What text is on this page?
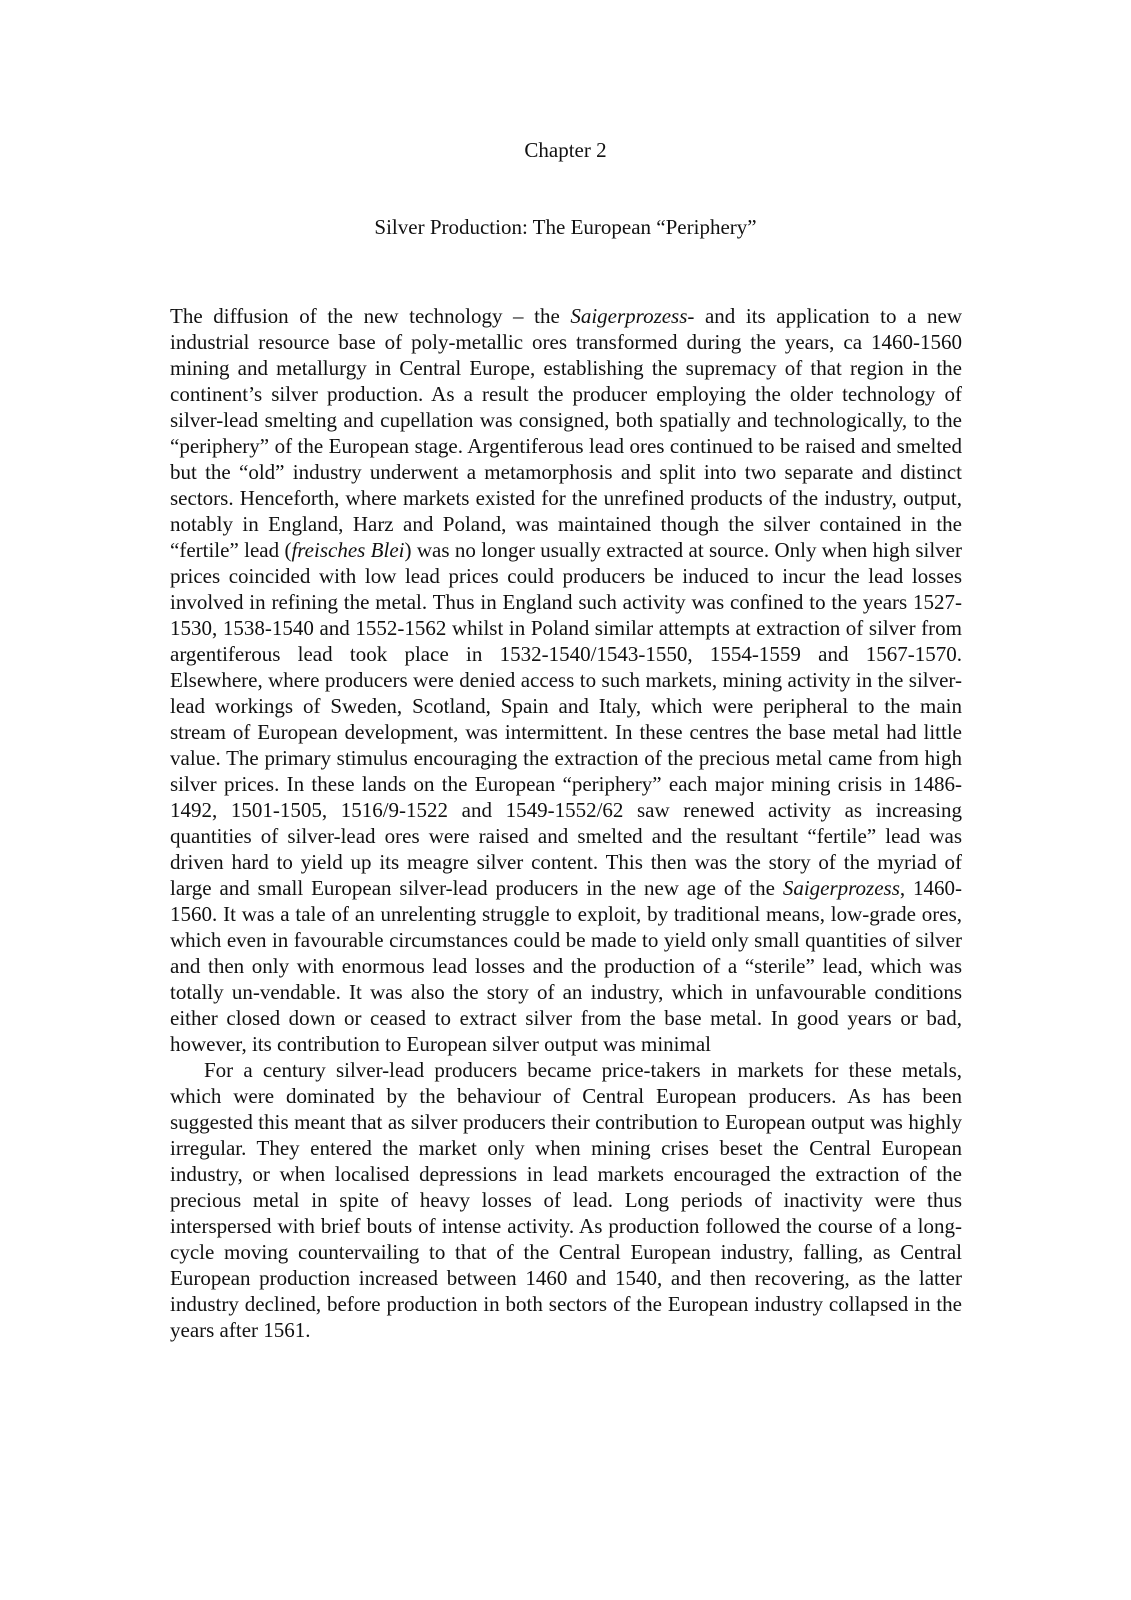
Chapter 2
Silver Production: The European “Periphery”

The diffusion of the new technology – the Saigerprozess- and its application to a new industrial resource base of poly-metallic ores transformed during the years, ca 1460-1560 mining and metallurgy in Central Europe, establishing the supremacy of that region in the continent’s silver production. As a result the producer employing the older technology of silver-lead smelting and cupellation was consigned, both spatially and technologically, to the “periphery” of the European stage. Argentiferous lead ores continued to be raised and smelted but the “old” industry underwent a metamorphosis and split into two separate and distinct sectors. Henceforth, where markets existed for the unrefined products of the industry, output, notably in England, Harz and Poland, was maintained though the silver contained in the “fertile” lead (freisches Blei) was no longer usually extracted at source. Only when high silver prices coincided with low lead prices could producers be induced to incur the lead losses involved in refining the metal. Thus in England such activity was confined to the years 1527-1530, 1538-1540 and 1552-1562 whilst in Poland similar attempts at extraction of silver from argentiferous lead took place in 1532-1540/1543-1550, 1554-1559 and 1567-1570. Elsewhere, where producers were denied access to such markets, mining activity in the silver-lead workings of Sweden, Scotland, Spain and Italy, which were peripheral to the main stream of European development, was intermittent. In these centres the base metal had little value. The primary stimulus encouraging the extraction of the precious metal came from high silver prices. In these lands on the European “periphery” each major mining crisis in 1486-1492, 1501-1505, 1516/9-1522 and 1549-1552/62 saw renewed activity as increasing quantities of silver-lead ores were raised and smelted and the resultant “fertile” lead was driven hard to yield up its meagre silver content. This then was the story of the myriad of large and small European silver-lead producers in the new age of the Saigerprozess, 1460-1560. It was a tale of an unrelenting struggle to exploit, by traditional means, low-grade ores, which even in favourable circumstances could be made to yield only small quantities of silver and then only with enormous lead losses and the production of a “sterile” lead, which was totally un-vendable. It was also the story of an industry, which in unfavourable conditions either closed down or ceased to extract silver from the base metal. In good years or bad, however, its contribution to European silver output was minimal

For a century silver-lead producers became price-takers in markets for these metals, which were dominated by the behaviour of Central European producers. As has been suggested this meant that as silver producers their contribution to European output was highly irregular. They entered the market only when mining crises beset the Central European industry, or when localised depressions in lead markets encouraged the extraction of the precious metal in spite of heavy losses of lead. Long periods of inactivity were thus interspersed with brief bouts of intense activity. As production followed the course of a long-cycle moving countervailing to that of the Central European industry, falling, as Central European production increased between 1460 and 1540, and then recovering, as the latter industry declined, before production in both sectors of the European industry collapsed in the years after 1561.
